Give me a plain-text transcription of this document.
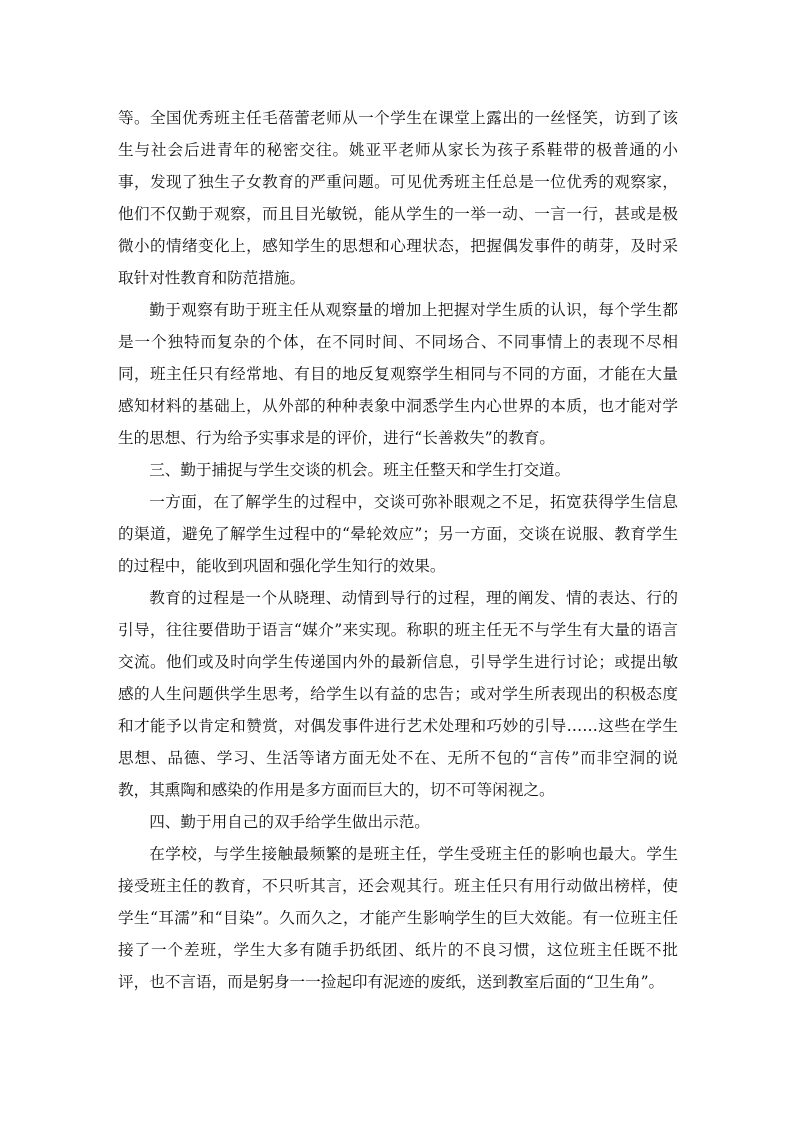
等。全国优秀班主任毛蓓蕾老师从一个学生在课堂上露出的一丝怪笑，访到了该生与社会后进青年的秘密交往。姚亚平老师从家长为孩子系鞋带的极普通的小事，发现了独生子女教育的严重问题。可见优秀班主任总是一位优秀的观察家，他们不仅勤于观察，而且目光敏锐，能从学生的一举一动、一言一行，甚或是极微小的情绪变化上，感知学生的思想和心理状态，把握偶发事件的萌芽，及时采取针对性教育和防范措施。

勤于观察有助于班主任从观察量的增加上把握对学生质的认识，每个学生都是一个独特而复杂的个体，在不同时间、不同场合、不同事情上的表现不尽相同，班主任只有经常地、有目的地反复观察学生相同与不同的方面，才能在大量感知材料的基础上，从外部的种种表象中洞悉学生内心世界的本质，也才能对学生的思想、行为给予实事求是的评价，进行“长善救失”的教育。

三、勤于捕捉与学生交谈的机会。班主任整天和学生打交道。

一方面，在了解学生的过程中，交谈可弥补眼观之不足，拓宽获得学生信息的渠道，避免了解学生过程中的“晕轮效应”；另一方面，交谈在说服、教育学生的过程中，能收到巩固和强化学生知行的效果。

教育的过程是一个从晓理、动情到导行的过程，理的阐发、情的表达、行的引导，往往要借助于语言“媒介”来实现。称职的班主任无不与学生有大量的语言交流。他们或及时向学生传递国内外的最新信息，引导学生进行讨论；或提出敏感的人生问题供学生思考，给学生以有益的忠告；或对学生所表现出的积极态度和才能予以肯定和赞赏，对偶发事件进行艺术处理和巧妙的引导……这些在学生思想、品德、学习、生活等诸方面无处不在、无所不包的“言传”而非空洞的说教，其熏陶和感染的作用是多方面而巨大的，切不可等闲视之。

四、勤于用自己的双手给学生做出示范。

在学校，与学生接触最频繁的是班主任，学生受班主任的影响也最大。学生接受班主任的教育，不只听其言，还会观其行。班主任只有用行动做出榜样，使学生“耳濡”和“目染”。久而久之，才能产生影响学生的巨大效能。有一位班主任接了一个差班，学生大多有随手扔纸团、纸片的不良习惯，这位班主任既不批评，也不言语，而是躬身一一捡起印有泥迹的废纸，送到教室后面的“卫生角”。
